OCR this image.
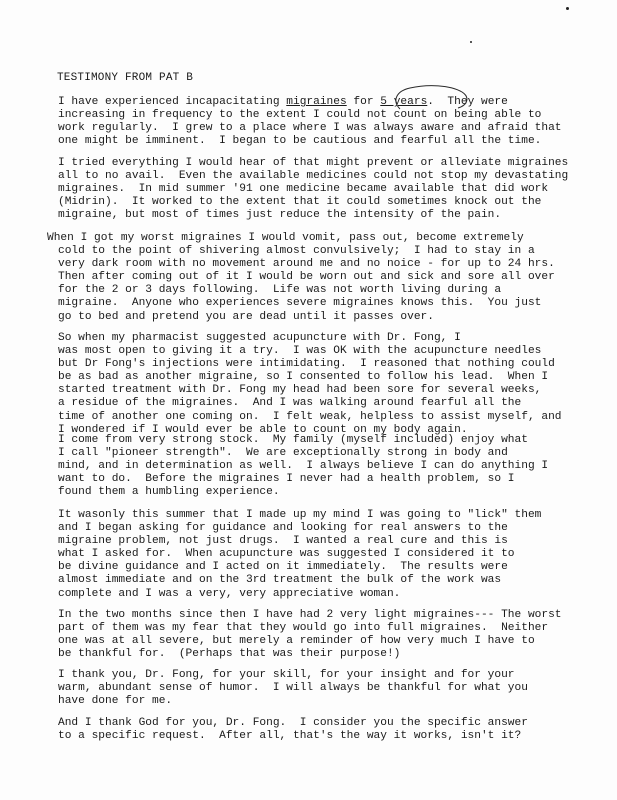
TESTIMONY FROM PAT B
I have experienced incapacitating migraines for 5 years.  They were
increasing in frequency to the extent I could not count on being able to
work regularly.  I grew to a place where I was always aware and afraid that
one might be imminent.  I began to be cautious and fearful all the time.
I tried everything I would hear of that might prevent or alleviate migraines
all to no avail.  Even the available medicines could not stop my devastating
migraines.  In mid summer '91 one medicine became available that did work
(Midrin).  It worked to the extent that it could sometimes knock out the
migraine, but most of times just reduce the intensity of the pain.
When I got my worst migraines I would vomit, pass out, become extremely
cold to the point of shivering almost convulsively;  I had to stay in a
very dark room with no movement around me and no noice - for up to 24 hrs.
Then after coming out of it I would be worn out and sick and sore all over
for the 2 or 3 days following.  Life was not worth living during a
migraine.  Anyone who experiences severe migraines knows this.  You just
go to bed and pretend you are dead until it passes over.
So when my pharmacist suggested acupuncture with Dr. Fong, I
was most open to giving it a try.  I was OK with the acupuncture needles
but Dr Fong's injections were intimidating.  I reasoned that nothing could
be as bad as another migraine, so I consented to follow his lead.  When I
started treatment with Dr. Fong my head had been sore for several weeks,
a residue of the migraines.  And I was walking around fearful all the
time of another one coming on.  I felt weak, helpless to assist myself, and
I wondered if I would ever be able to count on my body again.
I come from very strong stock.  My family (myself included) enjoy what
I call "pioneer strength".  We are exceptionally strong in body and
mind, and in determination as well.  I always believe I can do anything I
want to do.  Before the migraines I never had a health problem, so I
found them a humbling experience.
It wasonly this summer that I made up my mind I was going to "lick" them
and I began asking for guidance and looking for real answers to the
migraine problem, not just drugs.  I wanted a real cure and this is
what I asked for.  When acupuncture was suggested I considered it to
be divine guidance and I acted on it immediately.  The results were
almost immediate and on the 3rd treatment the bulk of the work was
complete and I was a very, very appreciative woman.
In the two months since then I have had 2 very light migraines--- The worst
part of them was my fear that they would go into full migraines.  Neither
one was at all severe, but merely a reminder of how very much I have to
be thankful for.  (Perhaps that was their purpose!)
I thank you, Dr. Fong, for your skill, for your insight and for your
warm, abundant sense of humor.  I will always be thankful for what you
have done for me.
And I thank God for you, Dr. Fong.  I consider you the specific answer
to a specific request.  After all, that's the way it works, isn't it?
